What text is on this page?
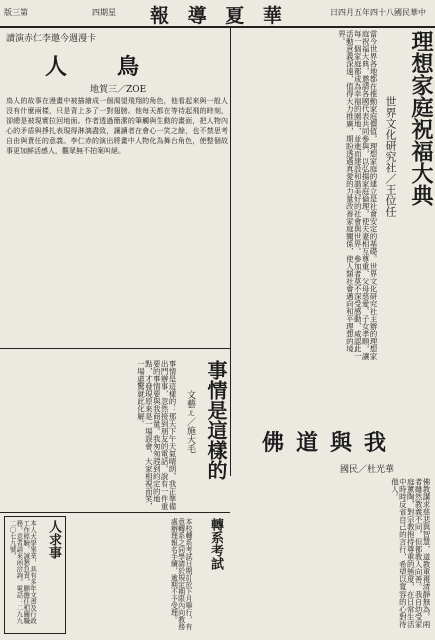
版三第	四期星 報 導 夏 華	日四月五年四十八國民華中
理想家庭祝福大典
世界文化研究社／王位任
當今世界各地都在推動家庭價值，理想家庭的建立是社會安定的基礎。世界文化研究社主辦的理想家庭祝福大典，邀請各國代表共同參與，以弘揚家庭倫理，使夫妻相互尊重、父母慈愛、子女孝順，讓每一個家庭都成為幸福的園地，並進而建設和諧美好的社會與世界。參加者莫不深受感動，咸認此一活動意義深遠，值得大力推廣，期盼透過真愛的力量改善家庭關係，使人類社會邁向和平理想的境界。
讀演赤仁李邀今週漫卡
人　鳥
地賀三／ZOE
鳥人的故事在漫畫中被描繪成一個渴望飛翔的角色，他看起來與一般人沒有什麼兩樣，只是背上多了一對翅膀。他每天都在等待起飛的時刻，卻總是被現實拉回地面。作者透過簡潔的筆觸與生動的畫面，把人物內心的矛盾與掙扎表現得淋漓盡致，讓讀者在會心一笑之餘，也不禁思考自由與責任的意義。李仁赤的演出將畫中人物化為舞台角色，使整個故事更加鮮活感人，觀眾無不拍案叫絕。
事情是這樣的
文藝ㄦ／施大毛
事情是這樣的：那天下午天氣晴朗，我正準備出門辦事，忽然接到朋友的電話，說有一件重要的事情要與我商量。我匆匆趕到約定的地點，才發現原來是一場誤會，大家相視而笑，一場虛驚就此化解。
佛道與我
國民／杜光華
佛教講求慈悲與智慧，道教重視清靜無為，兩者雖然教義不同，但都教人向善。我自幼受家庭薰陶，對宗教抱持尊重的態度，在日常生活中時時反省自己的言行，希望以寬容的心對待他人。
人求事
本人大學畢業，具有多年文書及行政工作經驗，誠懇負責，願擔任相關職務。意者請來函洽詢。電話：二九九二〇七九號。	轉系考試
本校轉系考試日期訂於下月舉行，有意轉系之同學請於規定期限內向教務處辦理報名手續，逾期不予受理。
